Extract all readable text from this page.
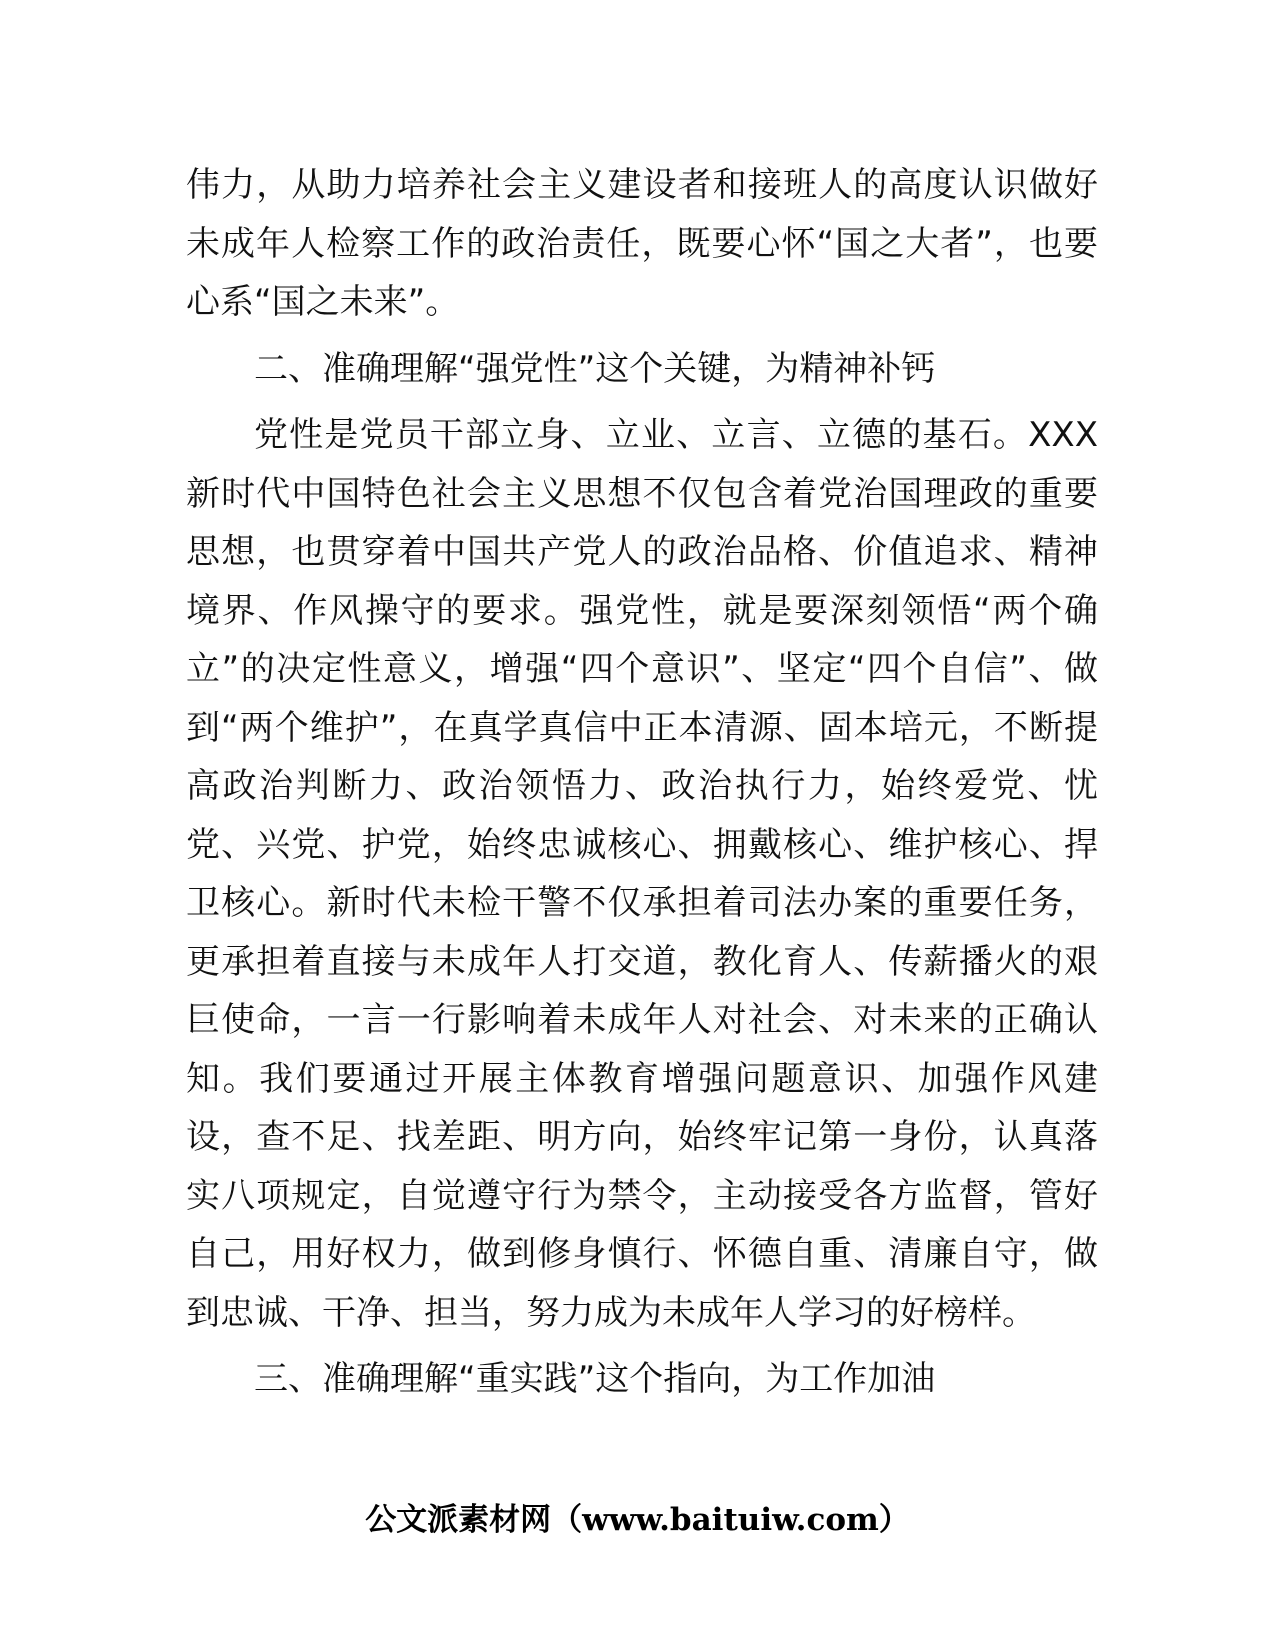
伟力，从助力培养社会主义建设者和接班人的高度认识做好未成年人检察工作的政治责任，既要心怀“国之大者”，也要心系“国之未来”。

二、准确理解“强党性”这个关键，为精神补钙

党性是党员干部立身、立业、立言、立德的基石。XXX新时代中国特色社会主义思想不仅包含着党治国理政的重要思想，也贯穿着中国共产党人的政治品格、价值追求、精神境界、作风操守的要求。强党性，就是要深刻领悟“两个确立”的决定性意义，增强“四个意识”、坚定“四个自信”、做到“两个维护”，在真学真信中正本清源、固本培元，不断提高政治判断力、政治领悟力、政治执行力，始终爱党、忧党、兴党、护党，始终忠诚核心、拥戴核心、维护核心、捍卫核心。新时代未检干警不仅承担着司法办案的重要任务，更承担着直接与未成年人打交道，教化育人、传薪播火的艰巨使命，一言一行影响着未成年人对社会、对未来的正确认知。我们要通过开展主体教育增强问题意识、加强作风建设，查不足、找差距、明方向，始终牢记第一身份，认真落实八项规定，自觉遵守行为禁令，主动接受各方监督，管好自己，用好权力，做到修身慎行、怀德自重、清廉自守，做到忠诚、干净、担当，努力成为未成年人学习的好榜样。

三、准确理解“重实践”这个指向，为工作加油

公文派素材网（www.baituiw.com）
